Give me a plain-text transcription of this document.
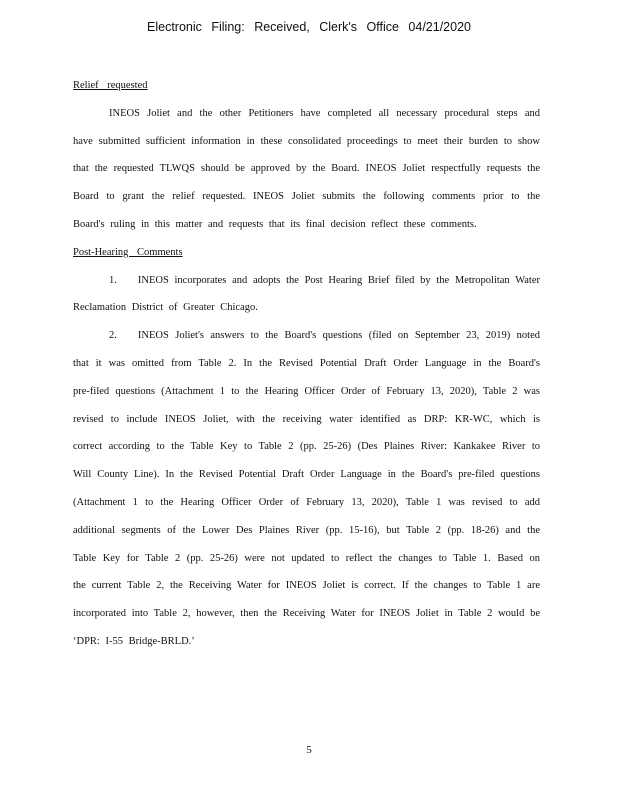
Electronic Filing: Received, Clerk's Office 04/21/2020
Relief requested

INEOS Joliet and the other Petitioners have completed all necessary procedural steps and have submitted sufficient information in these consolidated proceedings to meet their burden to show that the requested TLWQS should be approved by the Board. INEOS Joliet respectfully requests the Board to grant the relief requested. INEOS Joliet submits the following comments prior to the Board's ruling in this matter and requests that its final decision reflect these comments.

Post-Hearing Comments

1.  INEOS incorporates and adopts the Post Hearing Brief filed by the Metropolitan Water Reclamation District of Greater Chicago.

2.  INEOS Joliet's answers to the Board's questions (filed on September 23, 2019) noted that it was omitted from Table 2. In the Revised Potential Draft Order Language in the Board's pre-filed questions (Attachment 1 to the Hearing Officer Order of February 13, 2020), Table 2 was revised to include INEOS Joliet, with the receiving water identified as DRP: KR-WC, which is correct according to the Table Key to Table 2 (pp. 25-26) (Des Plaines River: Kankakee River to Will County Line). In the Revised Potential Draft Order Language in the Board's pre-filed questions (Attachment 1 to the Hearing Officer Order of February 13, 2020), Table 1 was revised to add additional segments of the Lower Des Plaines River (pp. 15-16), but Table 2 (pp. 18-26) and the Table Key for Table 2 (pp. 25-26) were not updated to reflect the changes to Table 1. Based on the current Table 2, the Receiving Water for INEOS Joliet is correct. If the changes to Table 1 are incorporated into Table 2, however, then the Receiving Water for INEOS Joliet in Table 2 would be ‘DPR: I-55 Bridge-BRLD.’

5
